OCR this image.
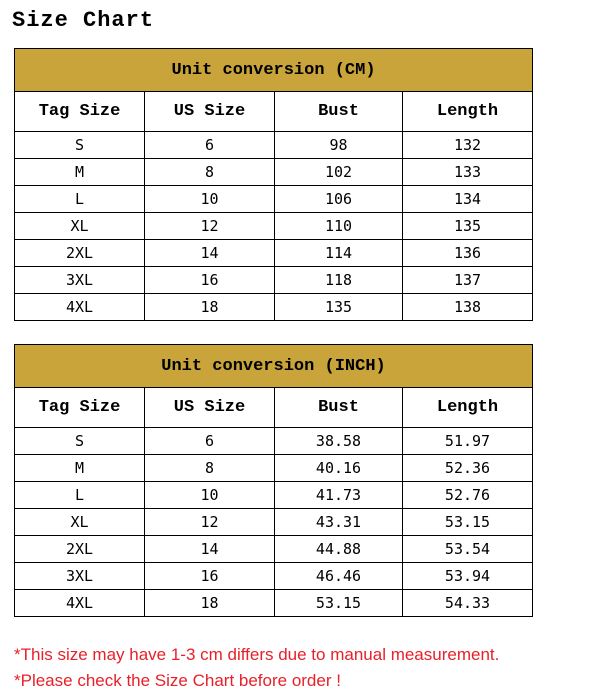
Size Chart
Unit conversion (CM)			
Tag Size	US Size	Bust	Length
S	6	98	132
M	8	102	133
L	10	106	134
XL	12	110	135
2XL	14	114	136
3XL	16	118	137
4XL	18	135	138
Unit conversion (INCH)			
Tag Size	US Size	Bust	Length
S	6	38.58	51.97
M	8	40.16	52.36
L	10	41.73	52.76
XL	12	43.31	53.15
2XL	14	44.88	53.54
3XL	16	46.46	53.94
4XL	18	53.15	54.33
*This size may have 1-3 cm differs due to manual measurement.
*Please check the Size Chart before order !
